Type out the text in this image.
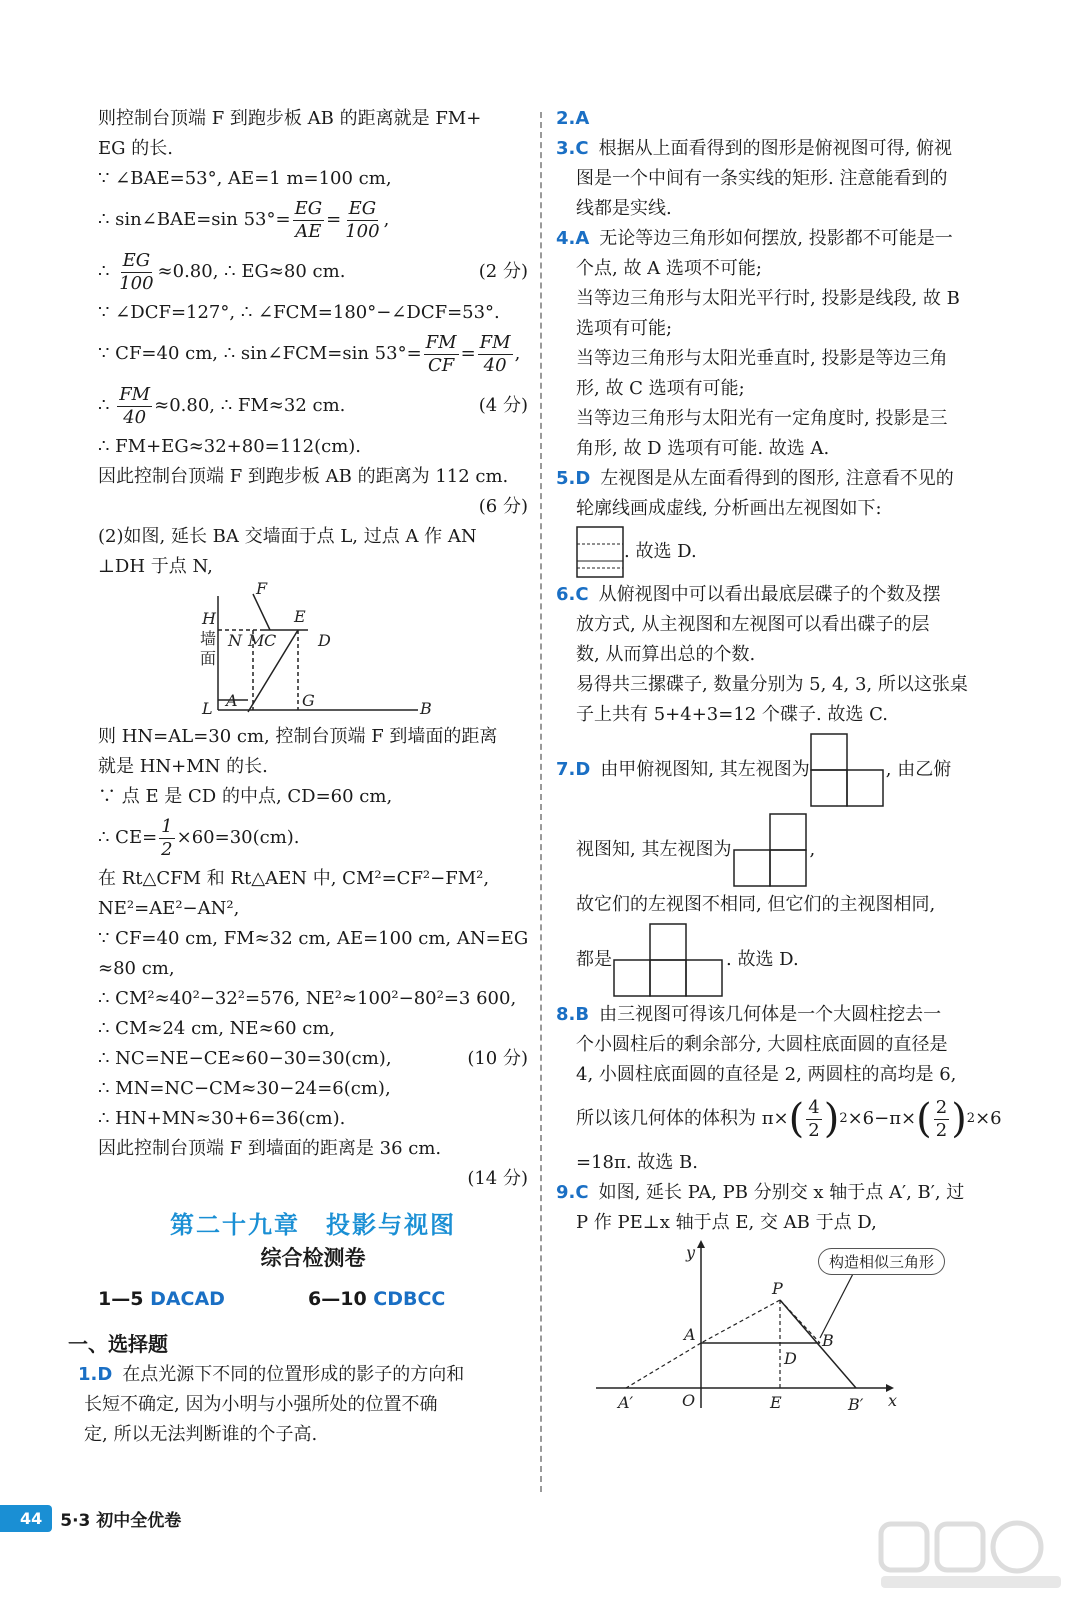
则控制台顶端 F 到跑步板 AB 的距离就是 FM+
EG 的长.
∵ ∠BAE=53°, AE=1 m=100 cm,
∴ sin∠BAE=sin $53^\circ= \frac{EG}{AE} = \frac{EG}{100}$ ,
∴ $\frac{EG}{100} \approx 0.80$, ∴ EG≈80 cm.	(2 分)
∵ ∠DCF=127°, ∴ ∠FCM=180°−∠DCF=53°.
∵ CF=40 cm, ∴ sin∠FCM=sin $53^\circ= \frac{FM}{CF} = \frac{FM}{40}$ ,
∴ $\frac{FM}{40} \approx 0.80$, ∴ FM≈32 cm.	(4 分)
∴ FM+EG≈32+80=112(cm).
因此控制台顶端 F 到跑步板 AB 的距离为 112 cm.
(6 分)
(2)如图, 延长 BA 交墙面于点 L, 过点 A 作 AN
⊥DH 于点 N,
F
E
H
N M C	D
L A	G	B
墙
面
则 HN=AL=30 cm, 控制台顶端 F 到墙面的距离
就是 HN+MN 的长.
∵ 点 E 是 CD 的中点, CD=60 cm,
∴ $CE= \frac{1}{2} \times 60=30(cm)$.
在 Rt△CFM 和 Rt△AEN 中, CM²=CF²−FM²,
NE²=AE²−AN²,
∵ CF=40 cm, FM≈32 cm, AE=100 cm, AN=EG
≈80 cm,
∴ CM²≈40²−32²=576, NE²≈100²−80²=3 600,
∴ CM≈24 cm, NE≈60 cm,
∴ NC=NE−CE≈60−30=30(cm),	(10 分)
∴ MN=NC−CM≈30−24=6(cm),
∴ HN+MN≈30+6=36(cm).
因此控制台顶端 F 到墙面的距离是 36 cm.
(14 分)
第二十九章　投影与视图
综合检测卷
1—5 DACAD	6—10 CDBCC
一、选择题
1.D 在点光源下不同的位置形成的影子的方向和
长短不确定, 因为小明与小强所处的位置不确
定, 所以无法判断谁的个子高.
2.A
3.C 根据从上面看得到的图形是俯视图可得, 俯视
图是一个中间有一条实线的矩形. 注意能看到的
线都是实线.
4.A 无论等边三角形如何摆放, 投影都不可能是一
个点, 故 A 选项不可能;
当等边三角形与太阳光平行时, 投影是线段, 故 B
选项有可能;
当等边三角形与太阳光垂直时, 投影是等边三角
形, 故 C 选项有可能;
当等边三角形与太阳光有一定角度时, 投影是三
角形, 故 D 选项有可能. 故选 A.
5.D 左视图是从左面看得到的图形, 注意看不见的
轮廓线画成虚线, 分析画出左视图如下:
. 故选 D.
6.C 从俯视图中可以看出最底层碟子的个数及摆
放方式, 从主视图和左视图可以看出碟子的层
数, 从而算出总的个数.
易得共三摞碟子, 数量分别为 5, 4, 3, 所以这张桌
子上共有 5+4+3=12 个碟子. 故选 C.
7.D 由甲俯视图知, 其左视图为	, 由乙俯
视图知, 其左视图为	,
故它们的左视图不相同, 但它们的主视图相同,
都是	. 故选 D.
8.B 由三视图可得该几何体是一个大圆柱挖去一
个小圆柱后的剩余部分, 大圆柱底面圆的直径是
4, 小圆柱底面圆的直径是 2, 两圆柱的高均是 6,
所以该几何体的体积为 π× ( $\frac{4}{2}$ ) 2 ×6−π× ( $\frac{2}{2}$ ) 2 ×6
=18π. 故选 B.
9.C 如图, 延长 PA, PB 分别交 x 轴于点 A′, B′, 过
P 作 PE⊥x 轴于点 E, 交 AB 于点 D,
y
x
P
A	B
D
O	E
A′	B′
构造相似三角形
44	5·3 初中全优卷
